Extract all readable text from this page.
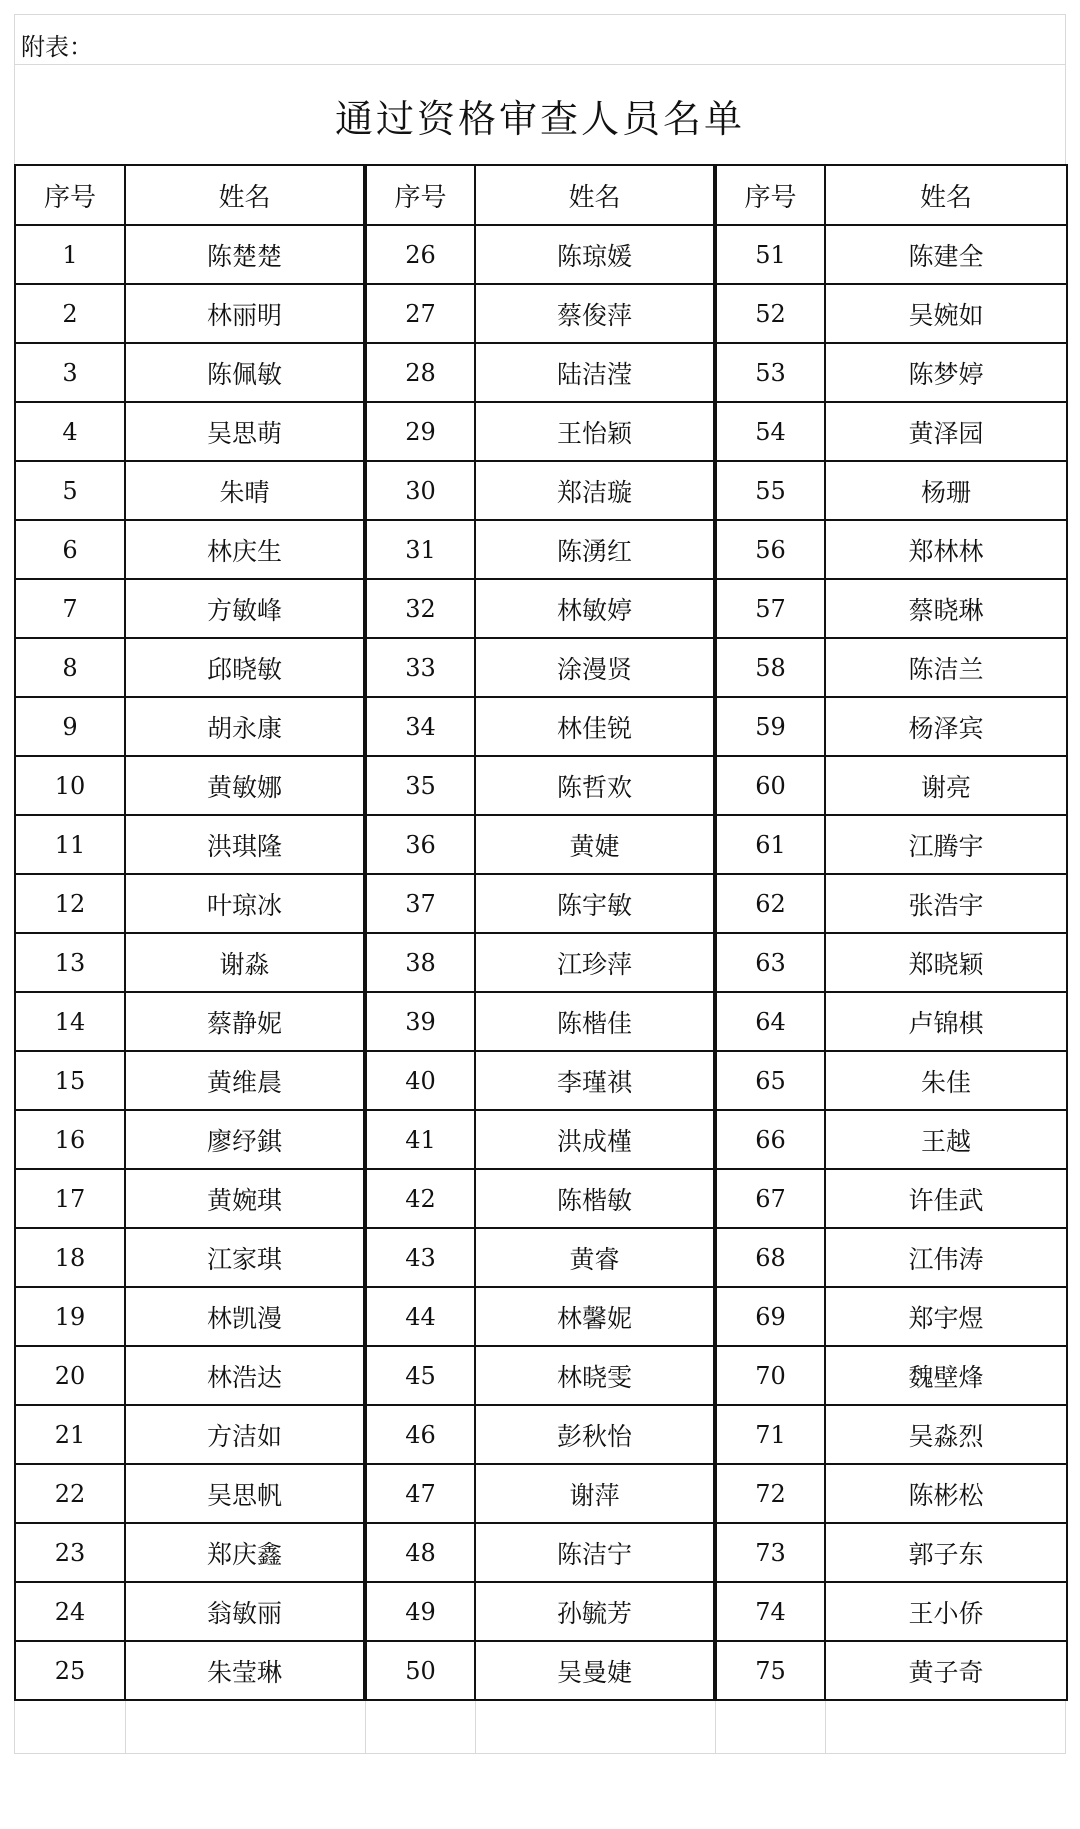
附表：
通过资格审查人员名单
序号	姓名	序号	姓名	序号	姓名
1	陈楚楚	26	陈琼媛	51	陈建全
2	林丽明	27	蔡俊萍	52	吴婉如
3	陈佩敏	28	陆洁滢	53	陈梦婷
4	吴思萌	29	王怡颖	54	黄泽园
5	朱晴	30	郑洁璇	55	杨珊
6	林庆生	31	陈湧红	56	郑林林
7	方敏峰	32	林敏婷	57	蔡晓琳
8	邱晓敏	33	涂漫贤	58	陈洁兰
9	胡永康	34	林佳锐	59	杨泽宾
10	黄敏娜	35	陈哲欢	60	谢亮
11	洪琪隆	36	黄婕	61	江腾宇
12	叶琼冰	37	陈宇敏	62	张浩宇
13	谢淼	38	江珍萍	63	郑晓颖
14	蔡静妮	39	陈楷佳	64	卢锦棋
15	黄维晨	40	李瑾祺	65	朱佳
16	廖纾錤	41	洪成槿	66	王越
17	黄婉琪	42	陈楷敏	67	许佳武
18	江家琪	43	黄睿	68	江伟涛
19	林凯漫	44	林馨妮	69	郑宇煜
20	林浩达	45	林晓雯	70	魏壁烽
21	方洁如	46	彭秋怡	71	吴淼烈
22	吴思帆	47	谢萍	72	陈彬松
23	郑庆鑫	48	陈洁宁	73	郭子东
24	翁敏丽	49	孙毓芳	74	王小侨
25	朱莹琳	50	吴曼婕	75	黄子奇
